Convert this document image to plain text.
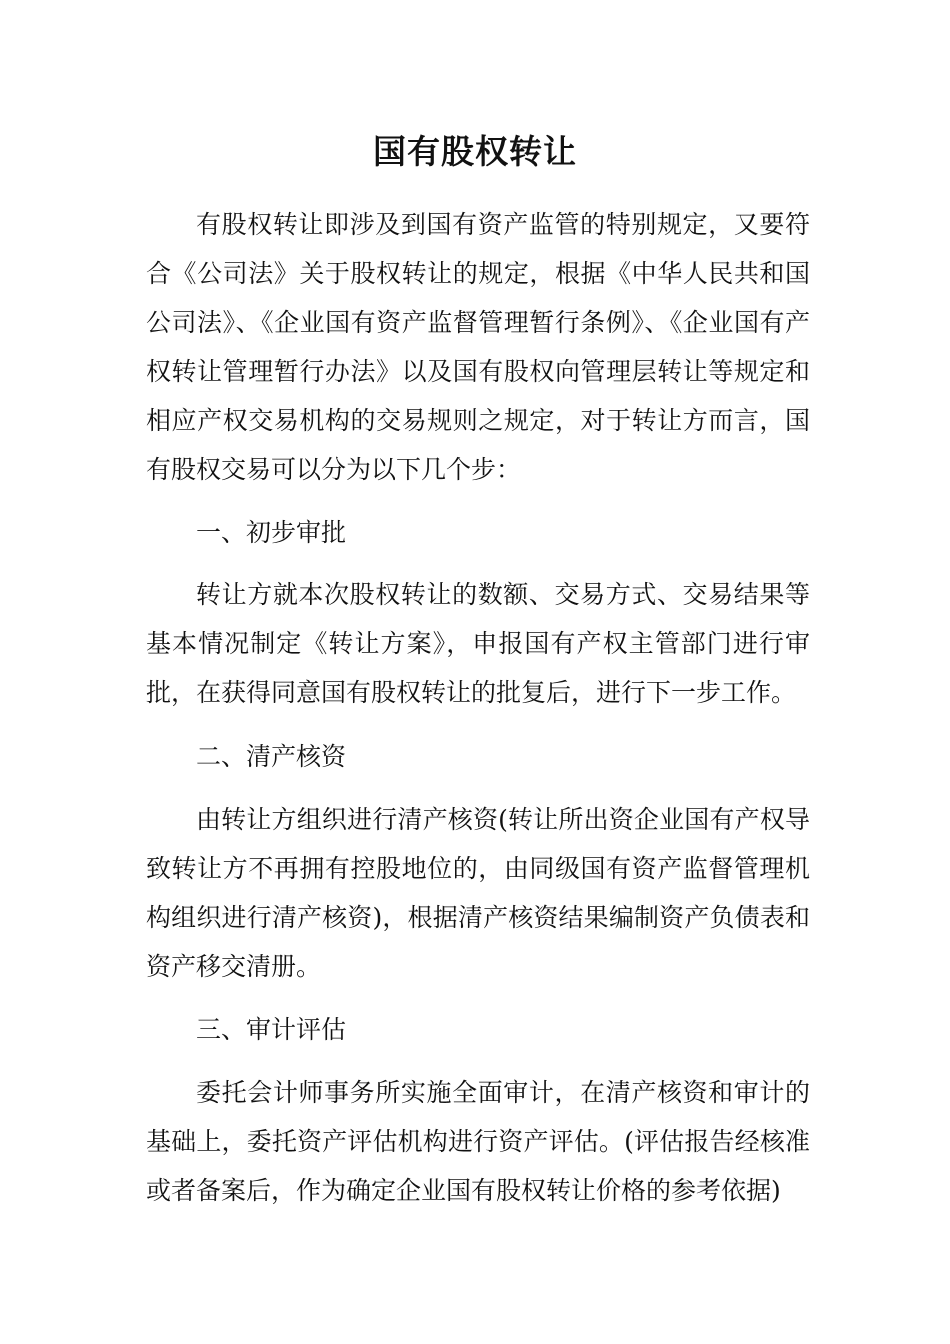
国有股权转让

有股权转让即涉及到国有资产监管的特别规定，又要符合《公司法》关于股权转让的规定，根据《中华人民共和国公司法》、《企业国有资产监督管理暂行条例》、《企业国有产权转让管理暂行办法》以及国有股权向管理层转让等规定和相应产权交易机构的交易规则之规定，对于转让方而言，国有股权交易可以分为以下几个步：

一、初步审批

转让方就本次股权转让的数额、交易方式、交易结果等基本情况制定《转让方案》，申报国有产权主管部门进行审批，在获得同意国有股权转让的批复后，进行下一步工作。

二、清产核资

由转让方组织进行清产核资(转让所出资企业国有产权导致转让方不再拥有控股地位的，由同级国有资产监督管理机构组织进行清产核资)，根据清产核资结果编制资产负债表和资产移交清册。

三、审计评估

委托会计师事务所实施全面审计，在清产核资和审计的基础上，委托资产评估机构进行资产评估。(评估报告经核准或者备案后，作为确定企业国有股权转让价格的参考依据)
